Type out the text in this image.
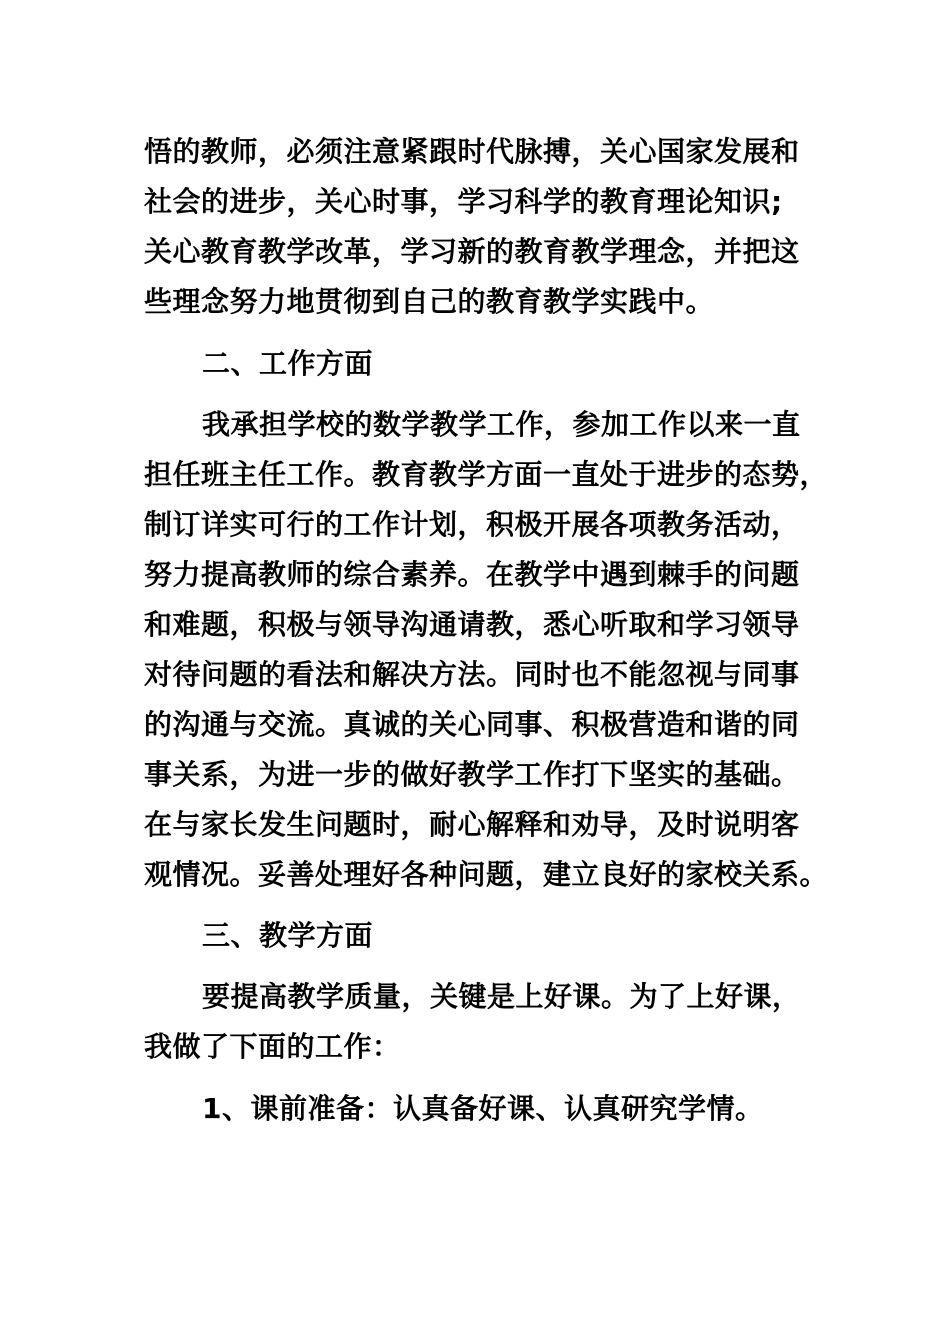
悟的教师，必须注意紧跟时代脉搏，关心国家发展和
社会的进步，关心时事，学习科学的教育理论知识;
关心教育教学改革，学习新的教育教学理念，并把这
些理念努力地贯彻到自己的教育教学实践中。
二、工作方面
我承担学校的数学教学工作，参加工作以来一直
担任班主任工作。教育教学方面一直处于进步的态势，
制订详实可行的工作计划，积极开展各项教务活动，
努力提高教师的综合素养。在教学中遇到棘手的问题
和难题，积极与领导沟通请教，悉心听取和学习领导
对待问题的看法和解决方法。同时也不能忽视与同事
的沟通与交流。真诚的关心同事、积极营造和谐的同
事关系，为进一步的做好教学工作打下坚实的基础。
在与家长发生问题时，耐心解释和劝导，及时说明客
观情况。妥善处理好各种问题，建立良好的家校关系。
三、教学方面
要提高教学质量，关键是上好课。为了上好课，
我做了下面的工作：
1、课前准备：认真备好课、认真研究学情。
